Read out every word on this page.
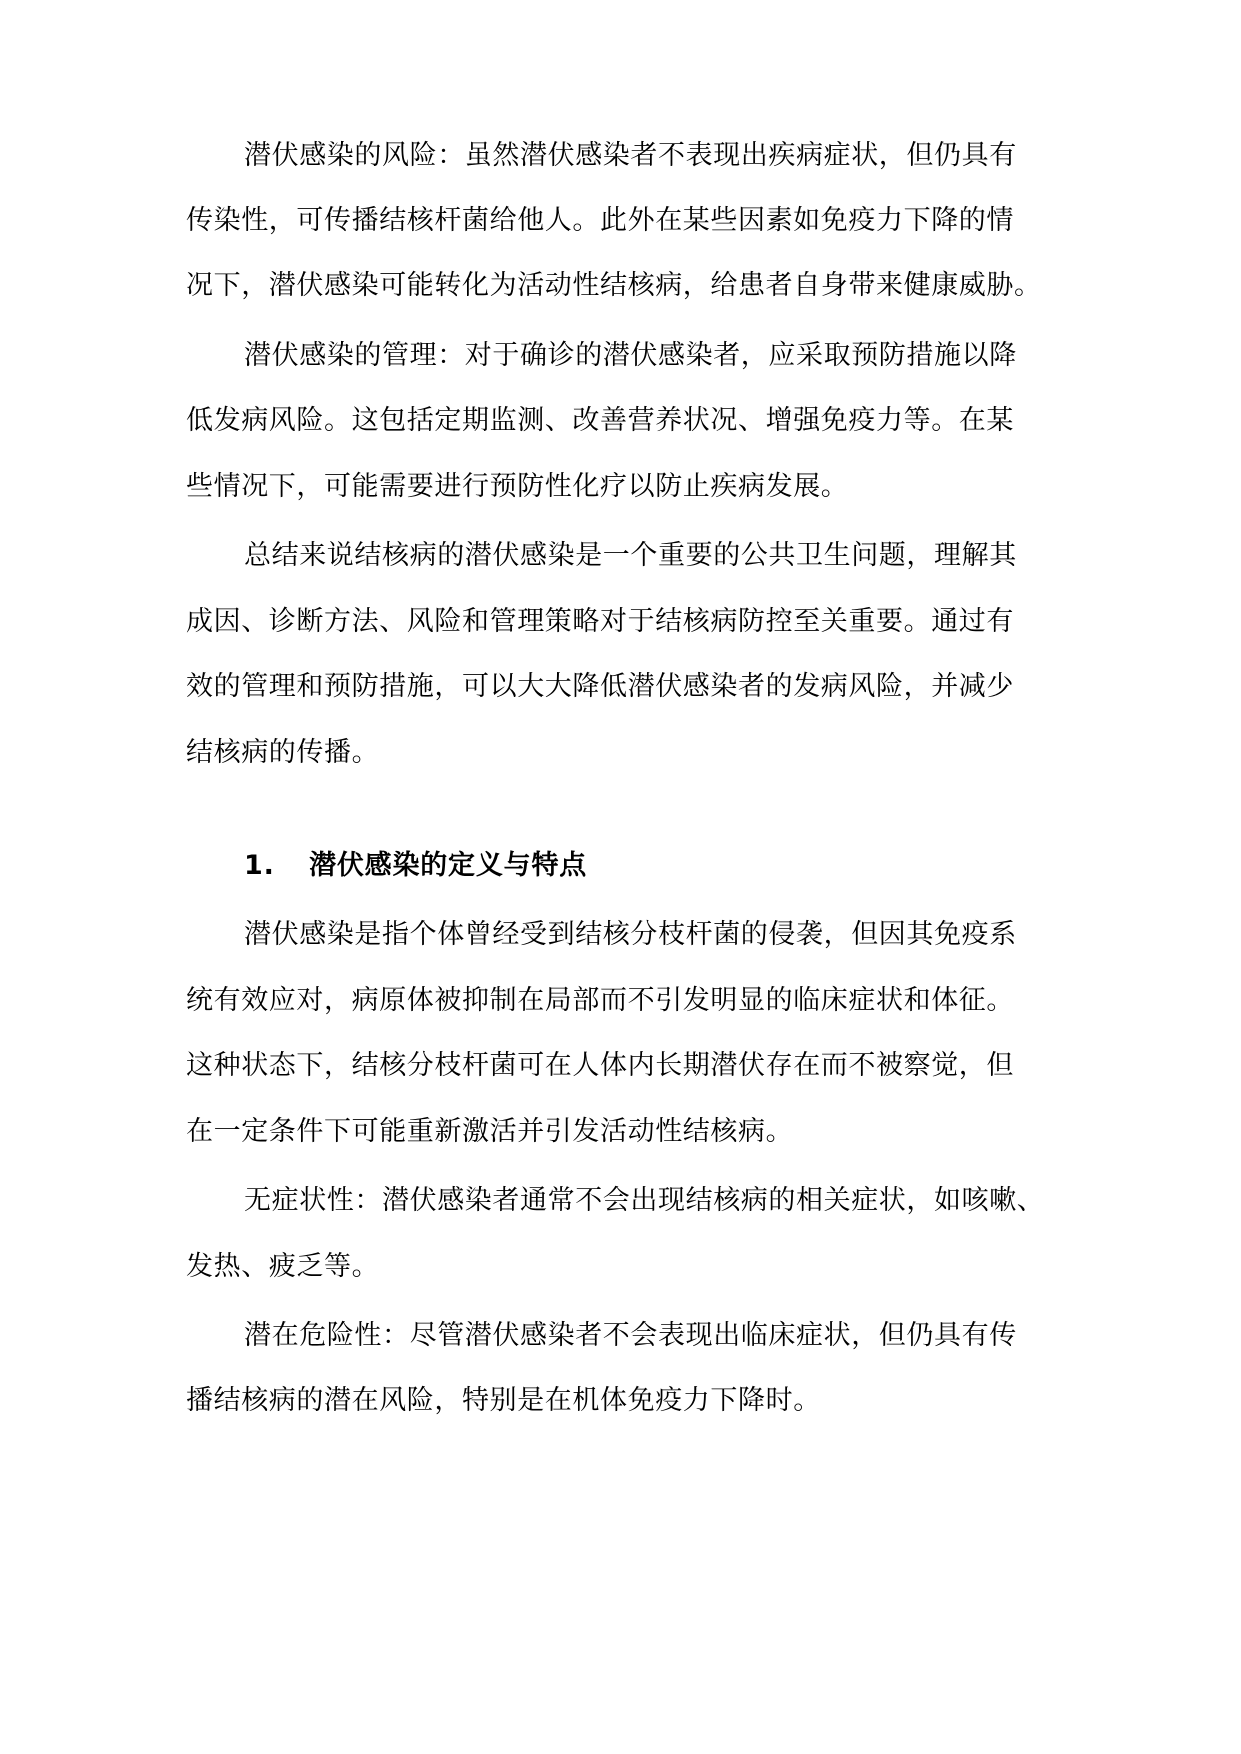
潜伏感染的风险：虽然潜伏感染者不表现出疾病症状，但仍具有
传染性，可传播结核杆菌给他人。此外在某些因素如免疫力下降的情
况下，潜伏感染可能转化为活动性结核病，给患者自身带来健康威胁。
潜伏感染的管理：对于确诊的潜伏感染者，应采取预防措施以降
低发病风险。这包括定期监测、改善营养状况、增强免疫力等。在某
些情况下，可能需要进行预防性化疗以防止疾病发展。
总结来说结核病的潜伏感染是一个重要的公共卫生问题，理解其
成因、诊断方法、风险和管理策略对于结核病防控至关重要。通过有
效的管理和预防措施，可以大大降低潜伏感染者的发病风险，并减少
结核病的传播。
1. 潜伏感染的定义与特点
潜伏感染是指个体曾经受到结核分枝杆菌的侵袭，但因其免疫系
统有效应对，病原体被抑制在局部而不引发明显的临床症状和体征。
这种状态下，结核分枝杆菌可在人体内长期潜伏存在而不被察觉，但
在一定条件下可能重新激活并引发活动性结核病。
无症状性：潜伏感染者通常不会出现结核病的相关症状，如咳嗽、
发热、疲乏等。
潜在危险性：尽管潜伏感染者不会表现出临床症状，但仍具有传
播结核病的潜在风险，特别是在机体免疫力下降时。
